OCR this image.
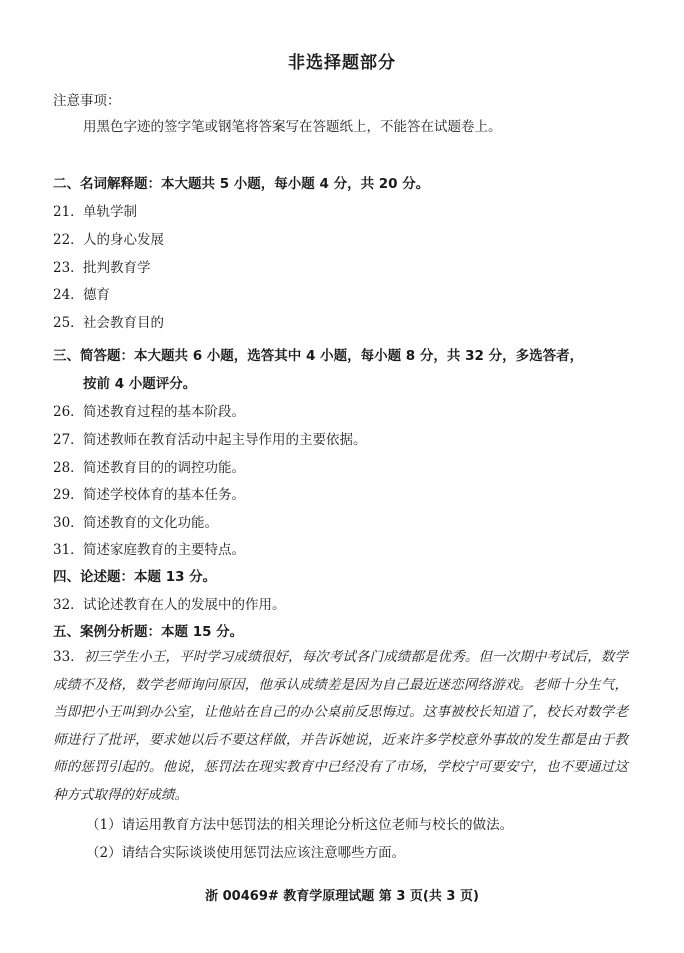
非选择题部分
注意事项：
用黑色字迹的签字笔或钢笔将答案写在答题纸上，不能答在试题卷上。
二、名词解释题：本大题共 5 小题，每小题 4 分，共 20 分。
21．单轨学制
22．人的身心发展
23．批判教育学
24．德育
25．社会教育目的
三、简答题：本大题共 6 小题，选答其中 4 小题，每小题 8 分，共 32 分，多选答者，
按前 4 小题评分。
26．简述教育过程的基本阶段。
27．简述教师在教育活动中起主导作用的主要依据。
28．简述教育目的的调控功能。
29．简述学校体育的基本任务。
30．简述教育的文化功能。
31．简述家庭教育的主要特点。
四、论述题：本题 13 分。
32．试论述教育在人的发展中的作用。
五、案例分析题：本题 15 分。
33．初三学生小王，平时学习成绩很好，每次考试各门成绩都是优秀。但一次期中考试后，数学成绩不及格，数学老师询问原因，他承认成绩差是因为自己最近迷恋网络游戏。老师十分生气，当即把小王叫到办公室，让他站在自己的办公桌前反思悔过。这事被校长知道了，校长对数学老师进行了批评，要求她以后不要这样做，并告诉她说，近来许多学校意外事故的发生都是由于教师的惩罚引起的。他说，惩罚法在现实教育中已经没有了市场，学校宁可要安宁，也不要通过这种方式取得的好成绩。
（1）请运用教育方法中惩罚法的相关理论分析这位老师与校长的做法。
（2）请结合实际谈谈使用惩罚法应该注意哪些方面。
浙 00469# 教育学原理试题 第 3 页(共 3 页)
